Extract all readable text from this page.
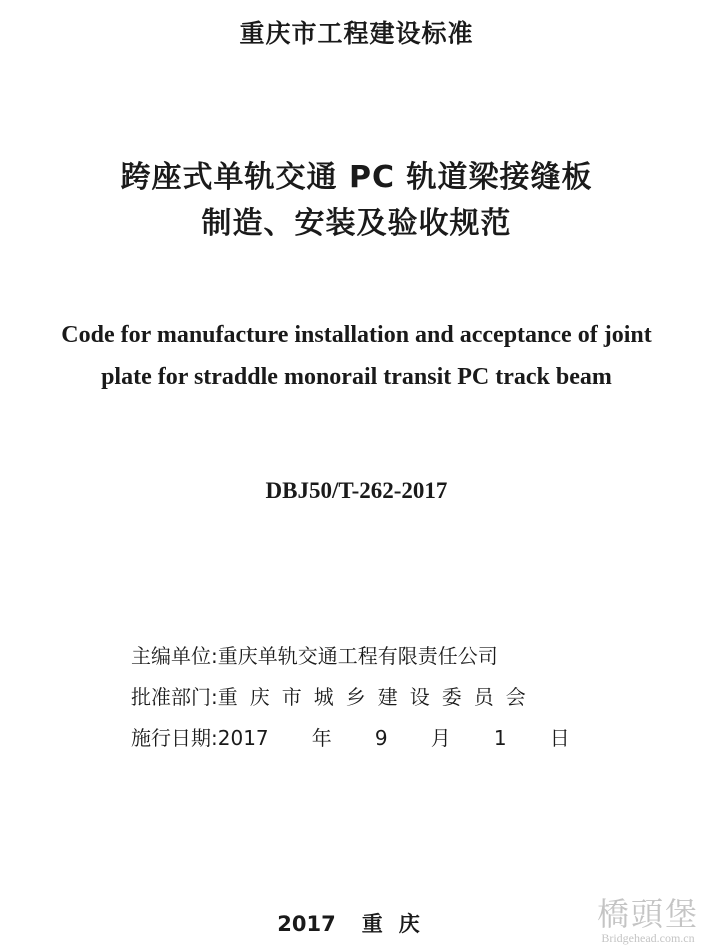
重庆市工程建设标准
跨座式单轨交通 PC 轨道梁接缝板
制造、安装及验收规范
Code for manufacture installation and acceptance of joint
plate for straddle monorail transit PC track beam
DBJ50/T-262-2017
主编单位:重庆单轨交通工程有限责任公司
批准部门:重庆市城乡建设委员会
施行日期: 2017 年 9 月 1 日
2017 重庆	橋頭堡
Bridgehead.com.cn
